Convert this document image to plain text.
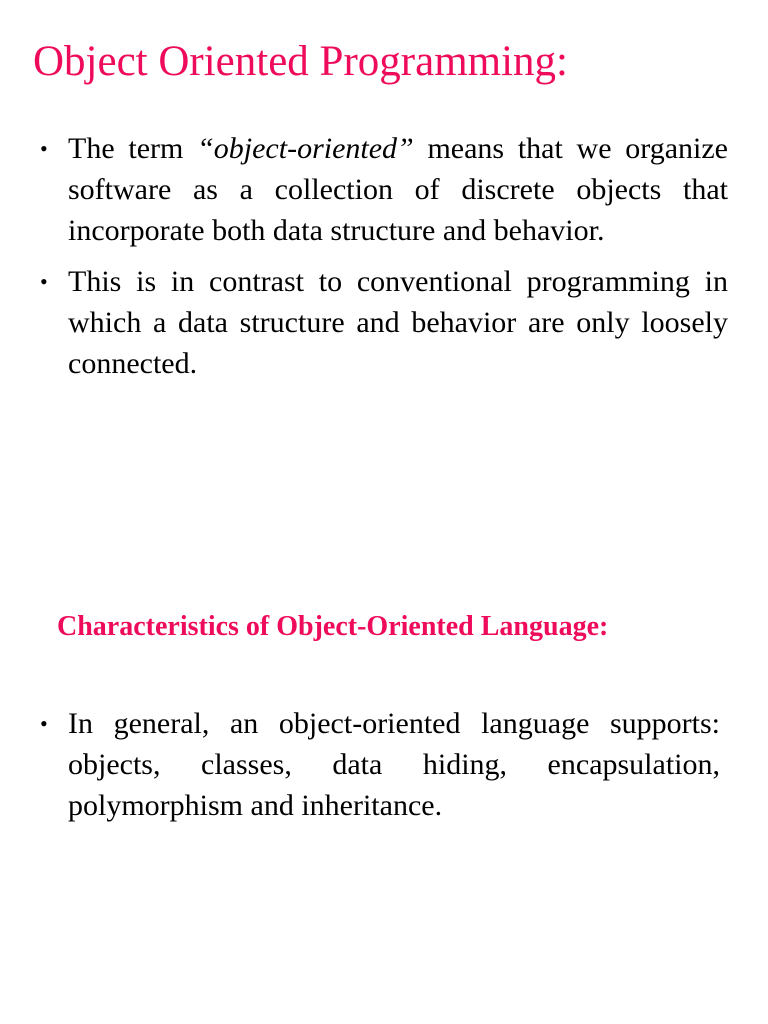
Object Oriented Programming:
• The term “object-oriented” means that we organize software as a collection of discrete objects that incorporate both data structure and behavior.
• This is in contrast to conventional programming in which a data structure and behavior are only loosely connected.
Characteristics of Object-Oriented Language:
• In general, an object-oriented language supports: objects, classes, data hiding, encapsulation, polymorphism and inheritance.
